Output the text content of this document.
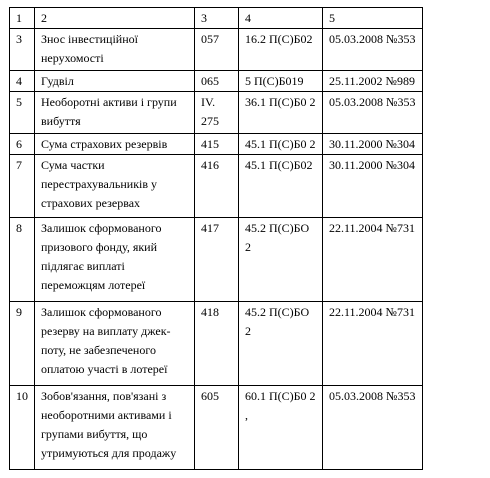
1	2	3	4	5
3	Знос інвестиційної нерухомості	057	16.2 П(С)Б02	05.03.2008 №353
4	Гудвіл	065	5 П(С)Б019	25.11.2002 №989
5	Необоротні активи і групи вибуття	IV. 275	36.1 П(С)Б0 2	05.03.2008 №353
6	Сума страхових резервів	415	45.1 П(С)Б0 2	30.11.2000 №304
7	Сума частки перестрахувальників у страхових резервах	416	45.1 П(С)Б02	30.11.2000 №304
8	Залишок сформованого призового фонду, який підлягає виплаті переможцям лотереї	417	45.2 П(С)БО 2	22.11.2004 №731
9	Залишок сформованого резерву на виплату джек-поту, не забезпеченого оплатою участі в лотереї	418	45.2 П(С)БО 2	22.11.2004 №731
10	Зобов'язання, пов'язані з необоротними активами і групами вибуття, що утримуються для продажу	605	60.1 П(С)Б0 2 ,	05.03.2008 №353
